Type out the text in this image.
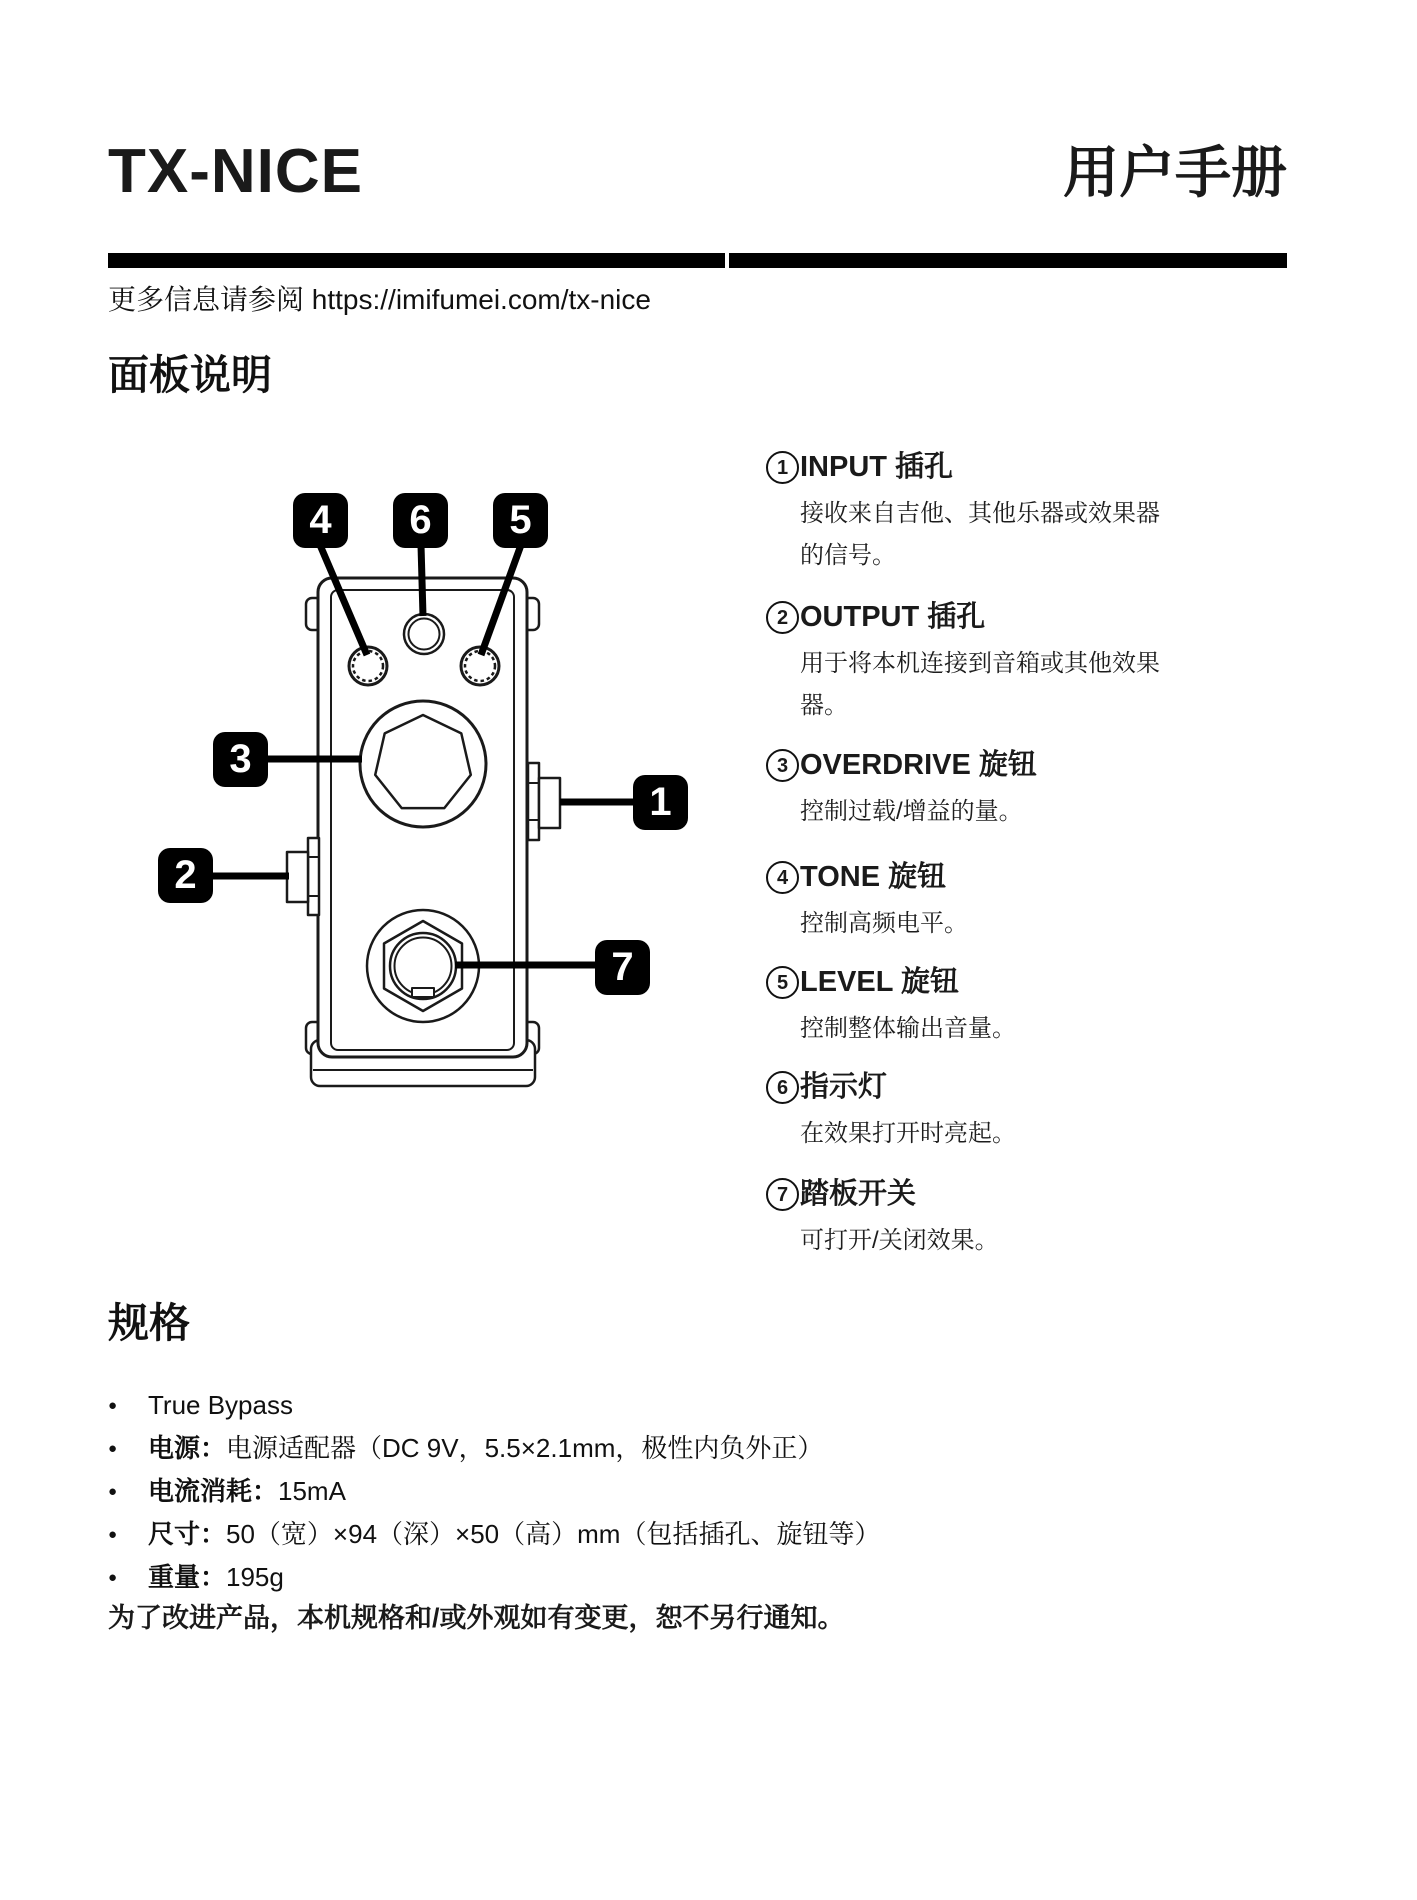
TX-NICE	用户手册
更多信息请参阅 https://imifumei.com/tx-nice
面板说明
4 6 5
3
1
2
7
1 INPUT 插孔

接收来自吉他、其他乐器或效果器的信号。

2 OUTPUT 插孔

用于将本机连接到音箱或其他效果器。

3 OVERDRIVE 旋钮

控制过载/增益的量。

4 TONE 旋钮

控制高频电平。

5 LEVEL 旋钮

控制整体输出音量。

6 指示灯

在效果打开时亮起。

7 踏板开关

可打开/关闭效果。

规格
● True Bypass
● 电源：电源适配器（DC 9V，5.5×2.1mm，极性内负外正）
● 电流消耗：15mA
● 尺寸：50（宽）×94（深）×50（高）mm（包括插孔、旋钮等）
● 重量：195g
为了改进产品，本机规格和/或外观如有变更，恕不另行通知。
